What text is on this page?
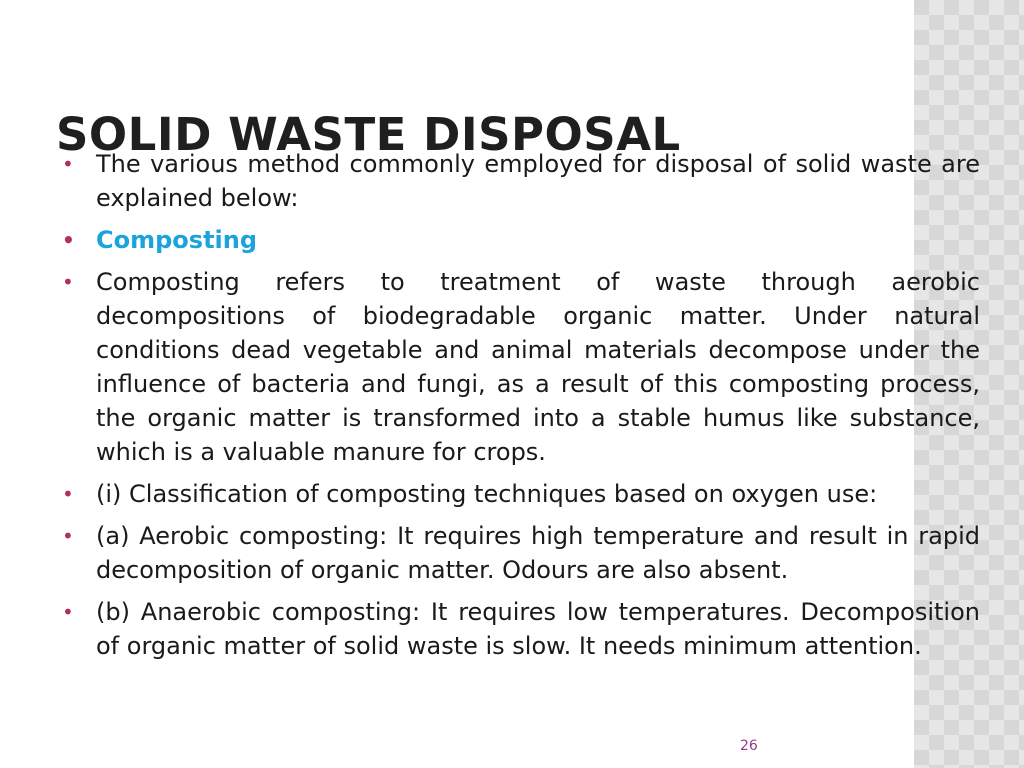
SOLID WASTE DISPOSAL
• The various method commonly employed for disposal of solid waste are explained below:
• Composting
• Composting refers to treatment of waste through aerobic decompositions of biodegradable organic matter. Under natural conditions dead vegetable and animal materials decompose under the influence of bacteria and fungi, as a result of this composting process, the organic matter is transformed into a stable humus like substance, which is a valuable manure for crops.
• (i) Classification of composting techniques based on oxygen use:
• (a) Aerobic composting: It requires high temperature and result in rapid decomposition of organic matter. Odours are also absent.
• (b) Anaerobic composting: It requires low temperatures. Decomposition of organic matter of solid waste is slow. It needs minimum attention.
26
